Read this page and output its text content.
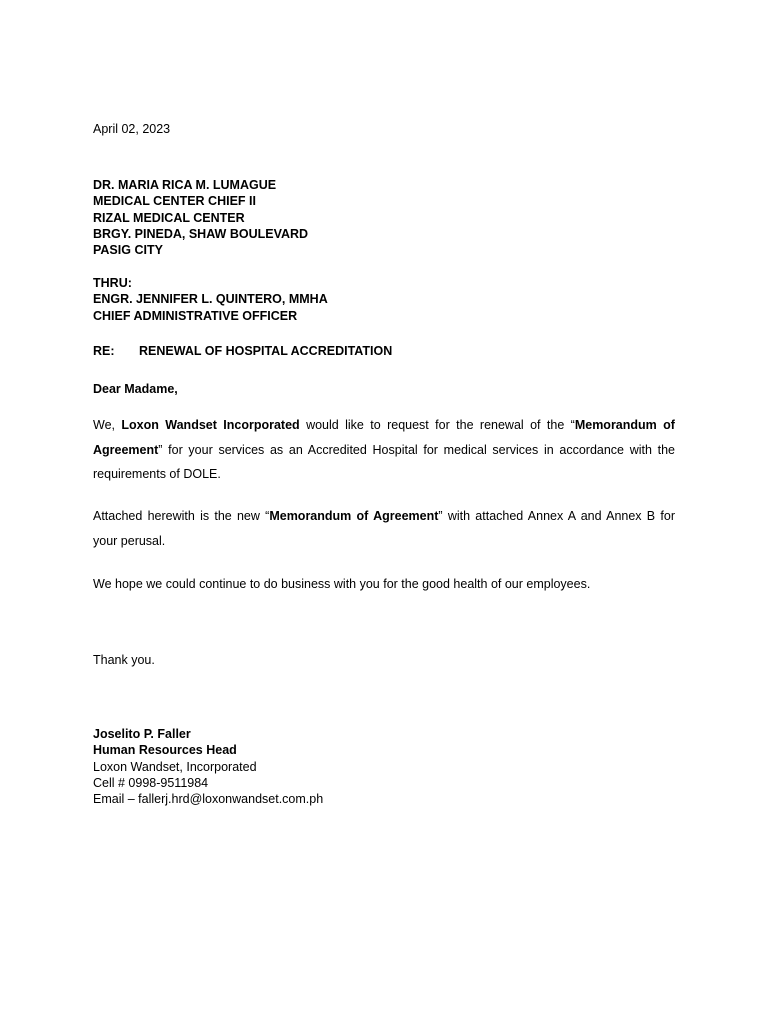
April 02, 2023
DR. MARIA RICA M. LUMAGUE
MEDICAL CENTER CHIEF II
RIZAL MEDICAL CENTER
BRGY. PINEDA, SHAW BOULEVARD
PASIG CITY
THRU:
ENGR. JENNIFER L. QUINTERO, MMHA
CHIEF ADMINISTRATIVE OFFICER
RE:	RENEWAL OF HOSPITAL ACCREDITATION
Dear Madame,
We, Loxon Wandset Incorporated would like to request for the renewal of the “Memorandum of Agreement” for your services as an Accredited Hospital for medical services in accordance with the requirements of DOLE.
Attached herewith is the new “Memorandum of Agreement” with attached Annex A and Annex B for your perusal.
We hope we could continue to do business with you for the good health of our employees.
Thank you.
Joselito P. Faller
Human Resources Head
Loxon Wandset, Incorporated
Cell # 0998-9511984
Email – fallerj.hrd@loxonwandset.com.ph
